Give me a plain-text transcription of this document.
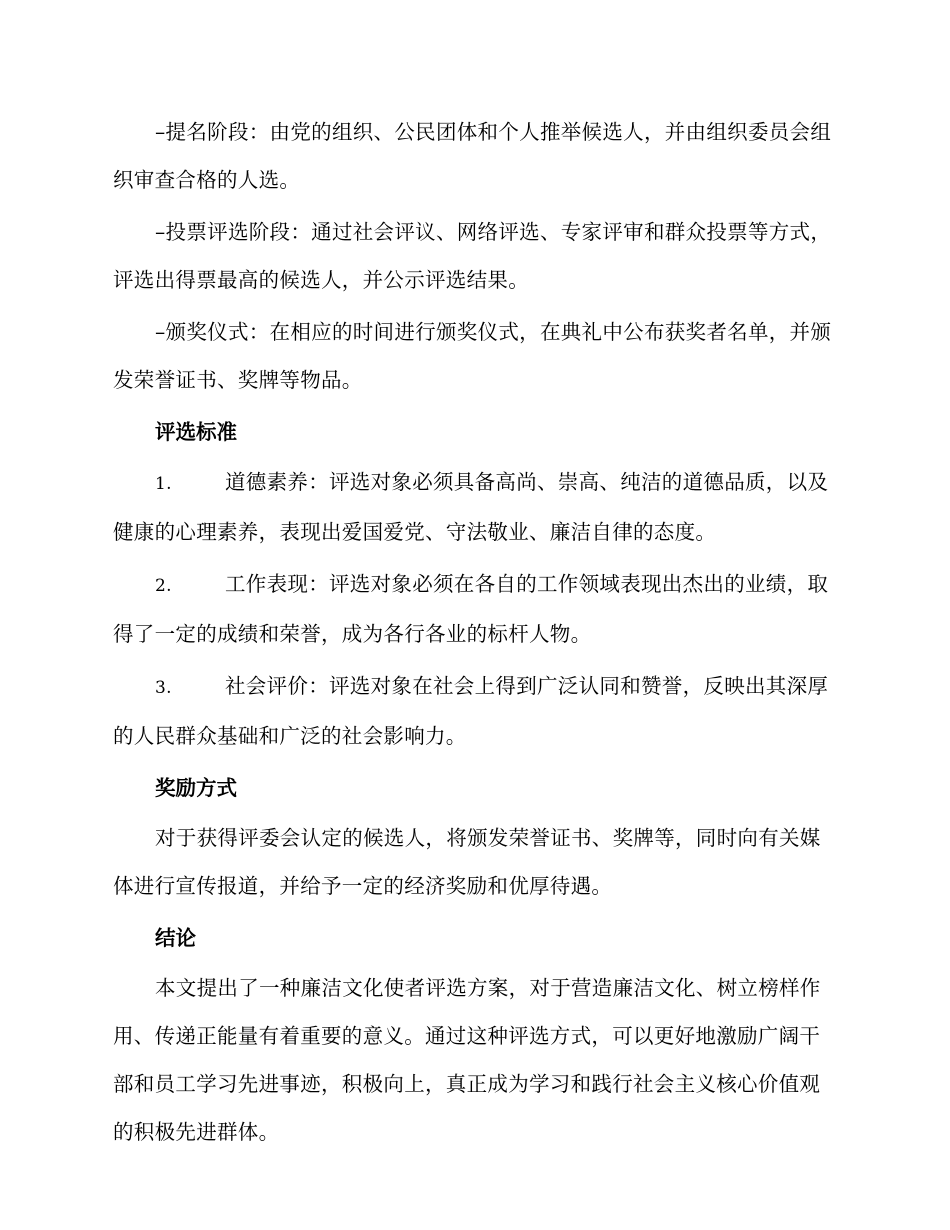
–提名阶段：由党的组织、公民团体和个人推举候选人，并由组织委员会组织审查合格的人选。

–投票评选阶段：通过社会评议、网络评选、专家评审和群众投票等方式，评选出得票最高的候选人，并公示评选结果。

–颁奖仪式：在相应的时间进行颁奖仪式，在典礼中公布获奖者名单，并颁发荣誉证书、奖牌等物品。

评选标准

1.	道德素养：评选对象必须具备高尚、崇高、纯洁的道德品质，以及健康的心理素养，表现出爱国爱党、守法敬业、廉洁自律的态度。

2.	工作表现：评选对象必须在各自的工作领域表现出杰出的业绩，取得了一定的成绩和荣誉，成为各行各业的标杆人物。

3.	社会评价：评选对象在社会上得到广泛认同和赞誉，反映出其深厚的人民群众基础和广泛的社会影响力。

奖励方式

对于获得评委会认定的候选人，将颁发荣誉证书、奖牌等，同时向有关媒体进行宣传报道，并给予一定的经济奖励和优厚待遇。

结论

本文提出了一种廉洁文化使者评选方案，对于营造廉洁文化、树立榜样作用、传递正能量有着重要的意义。通过这种评选方式，可以更好地激励广阔干部和员工学习先进事迹，积极向上，真正成为学习和践行社会主义核心价值观的积极先进群体。
